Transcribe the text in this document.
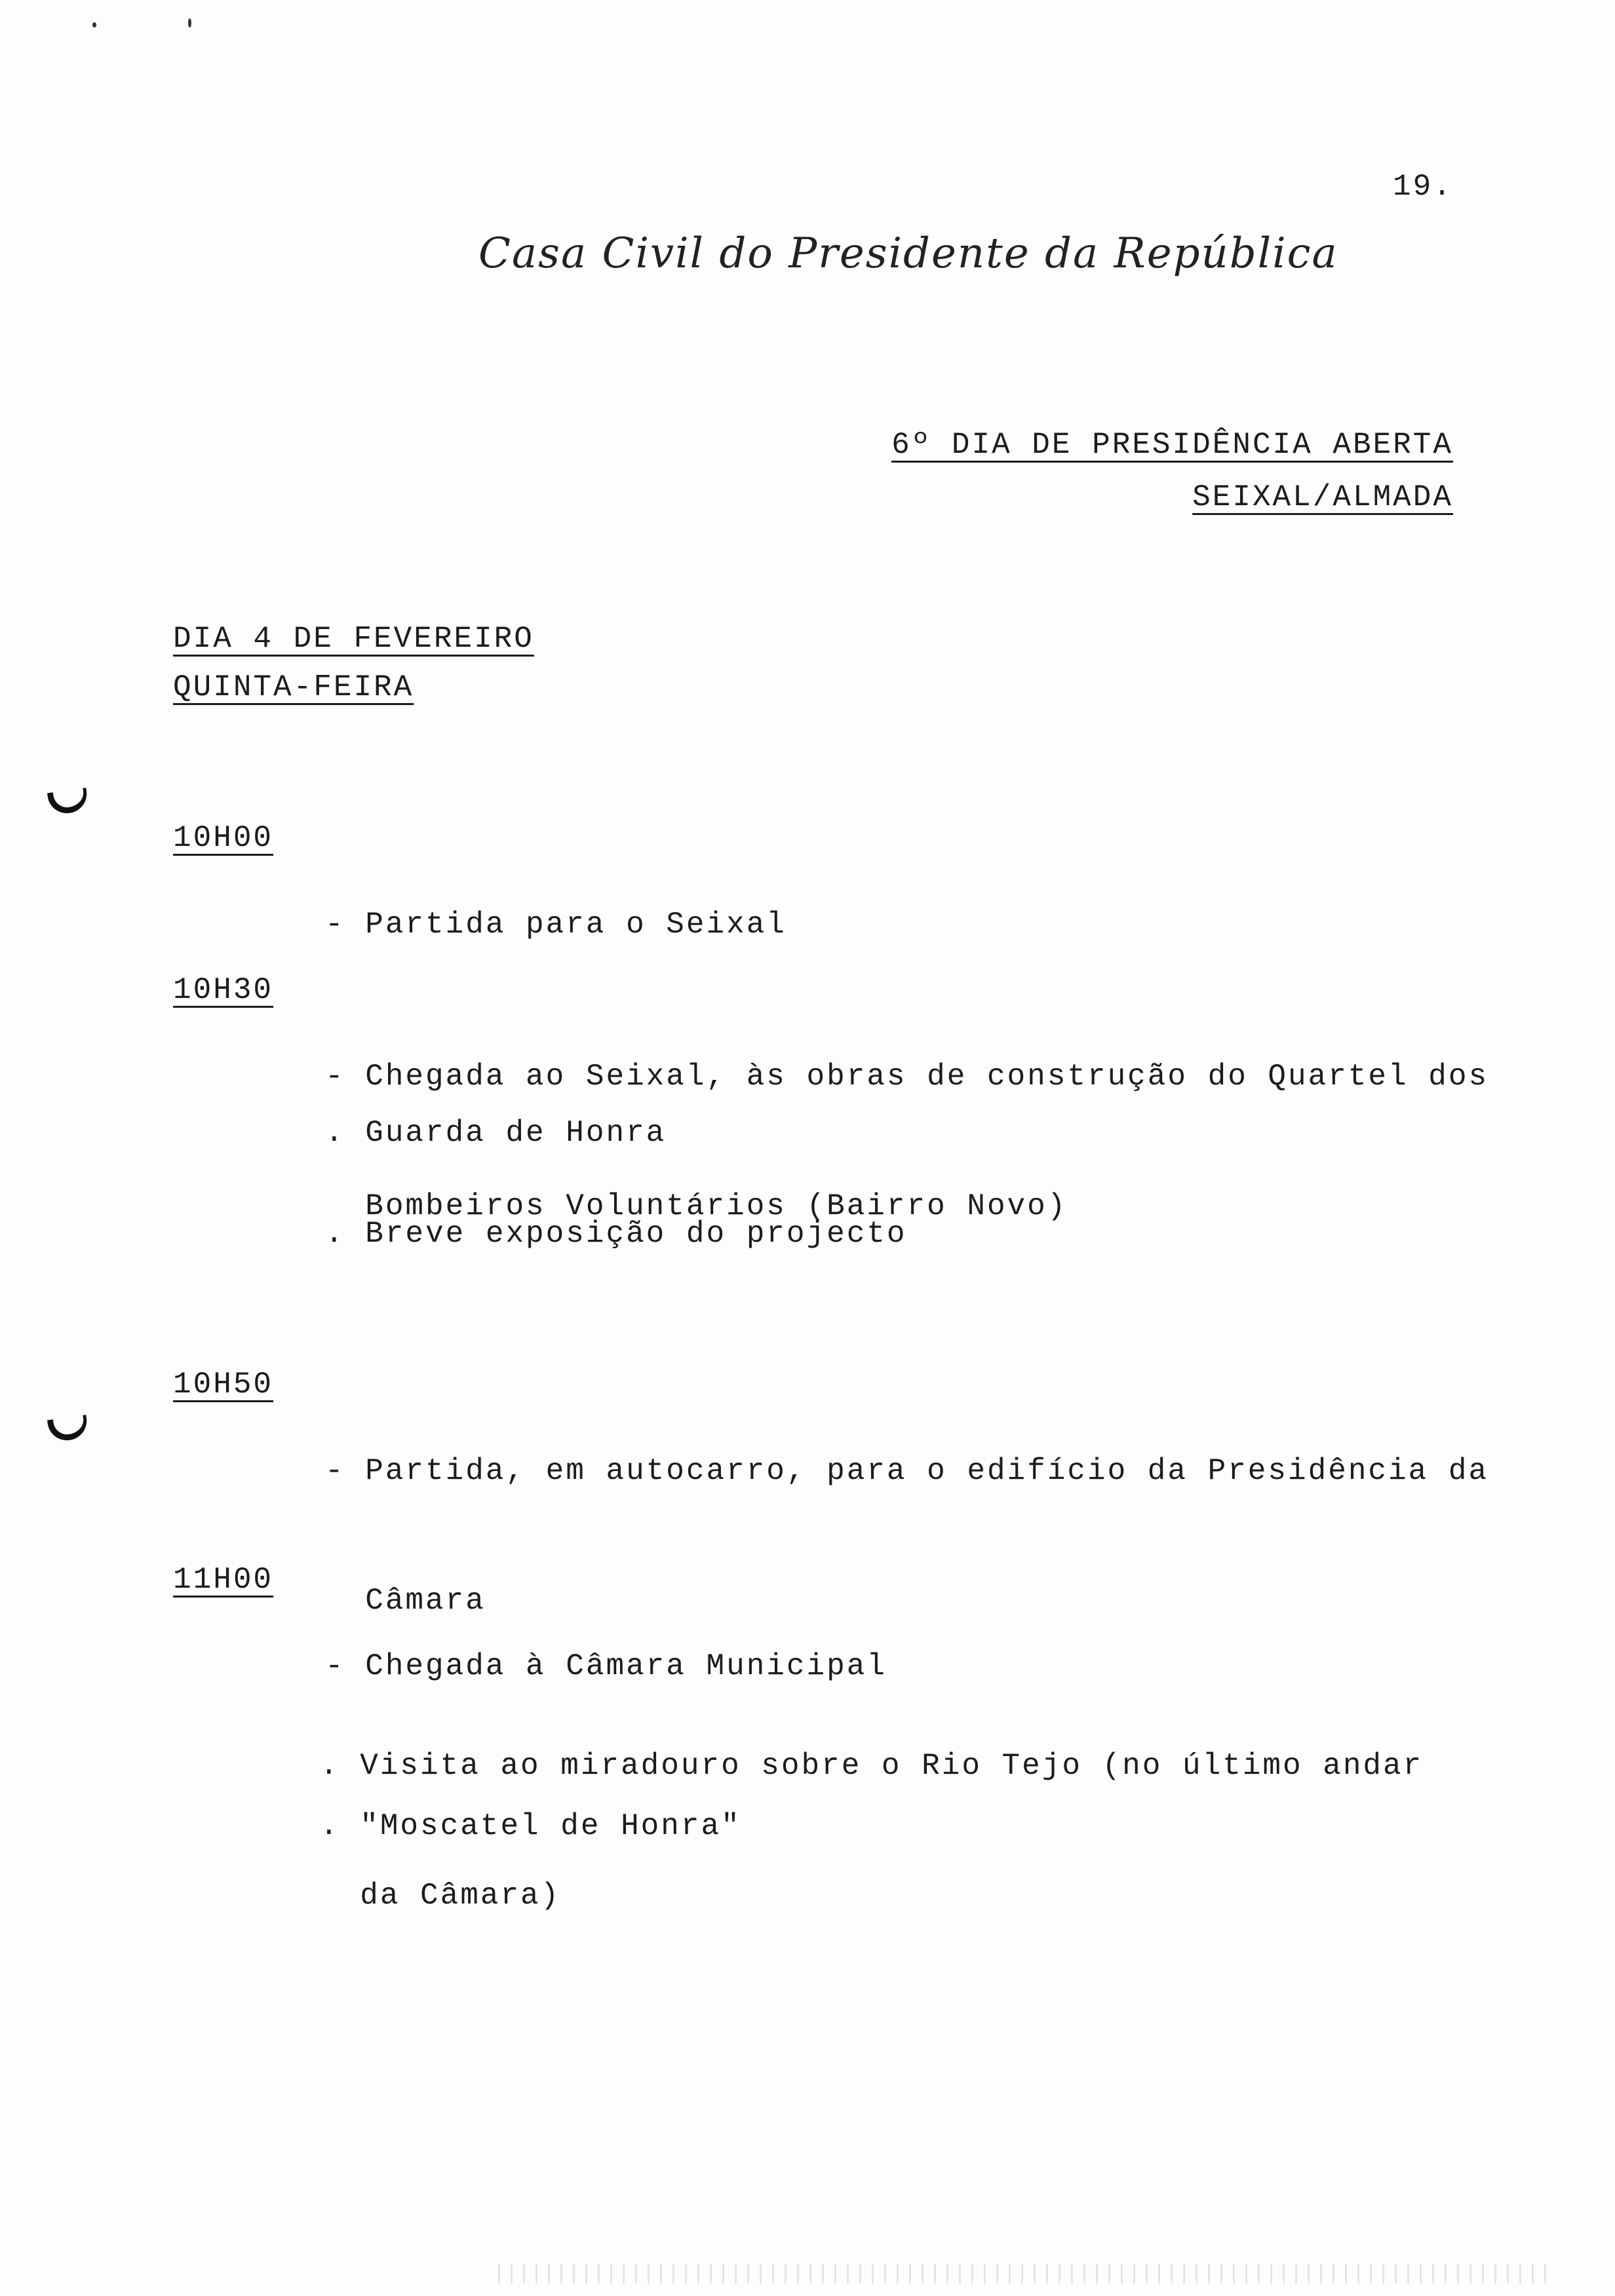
19.
Casa Civil do Presidente da República
6º DIA DE PRESIDÊNCIA ABERTA
SEIXAL/ALMADA
DIA 4 DE FEVEREIRO
QUINTA-FEIRA
10H00

- Partida para o Seixal

10H30

- Chegada ao Seixal, às obras de construção do Quartel dos

Bombeiros Voluntários (Bairro Novo)

. Guarda de Honra
. Breve exposição do projecto
10H50

- Partida, em autocarro, para o edifício da Presidência da

Câmara

11H00

- Chegada à Câmara Municipal

. Visita ao miradouro sobre o Rio Tejo (no último andar

da Câmara)

. "Moscatel de Honra"
